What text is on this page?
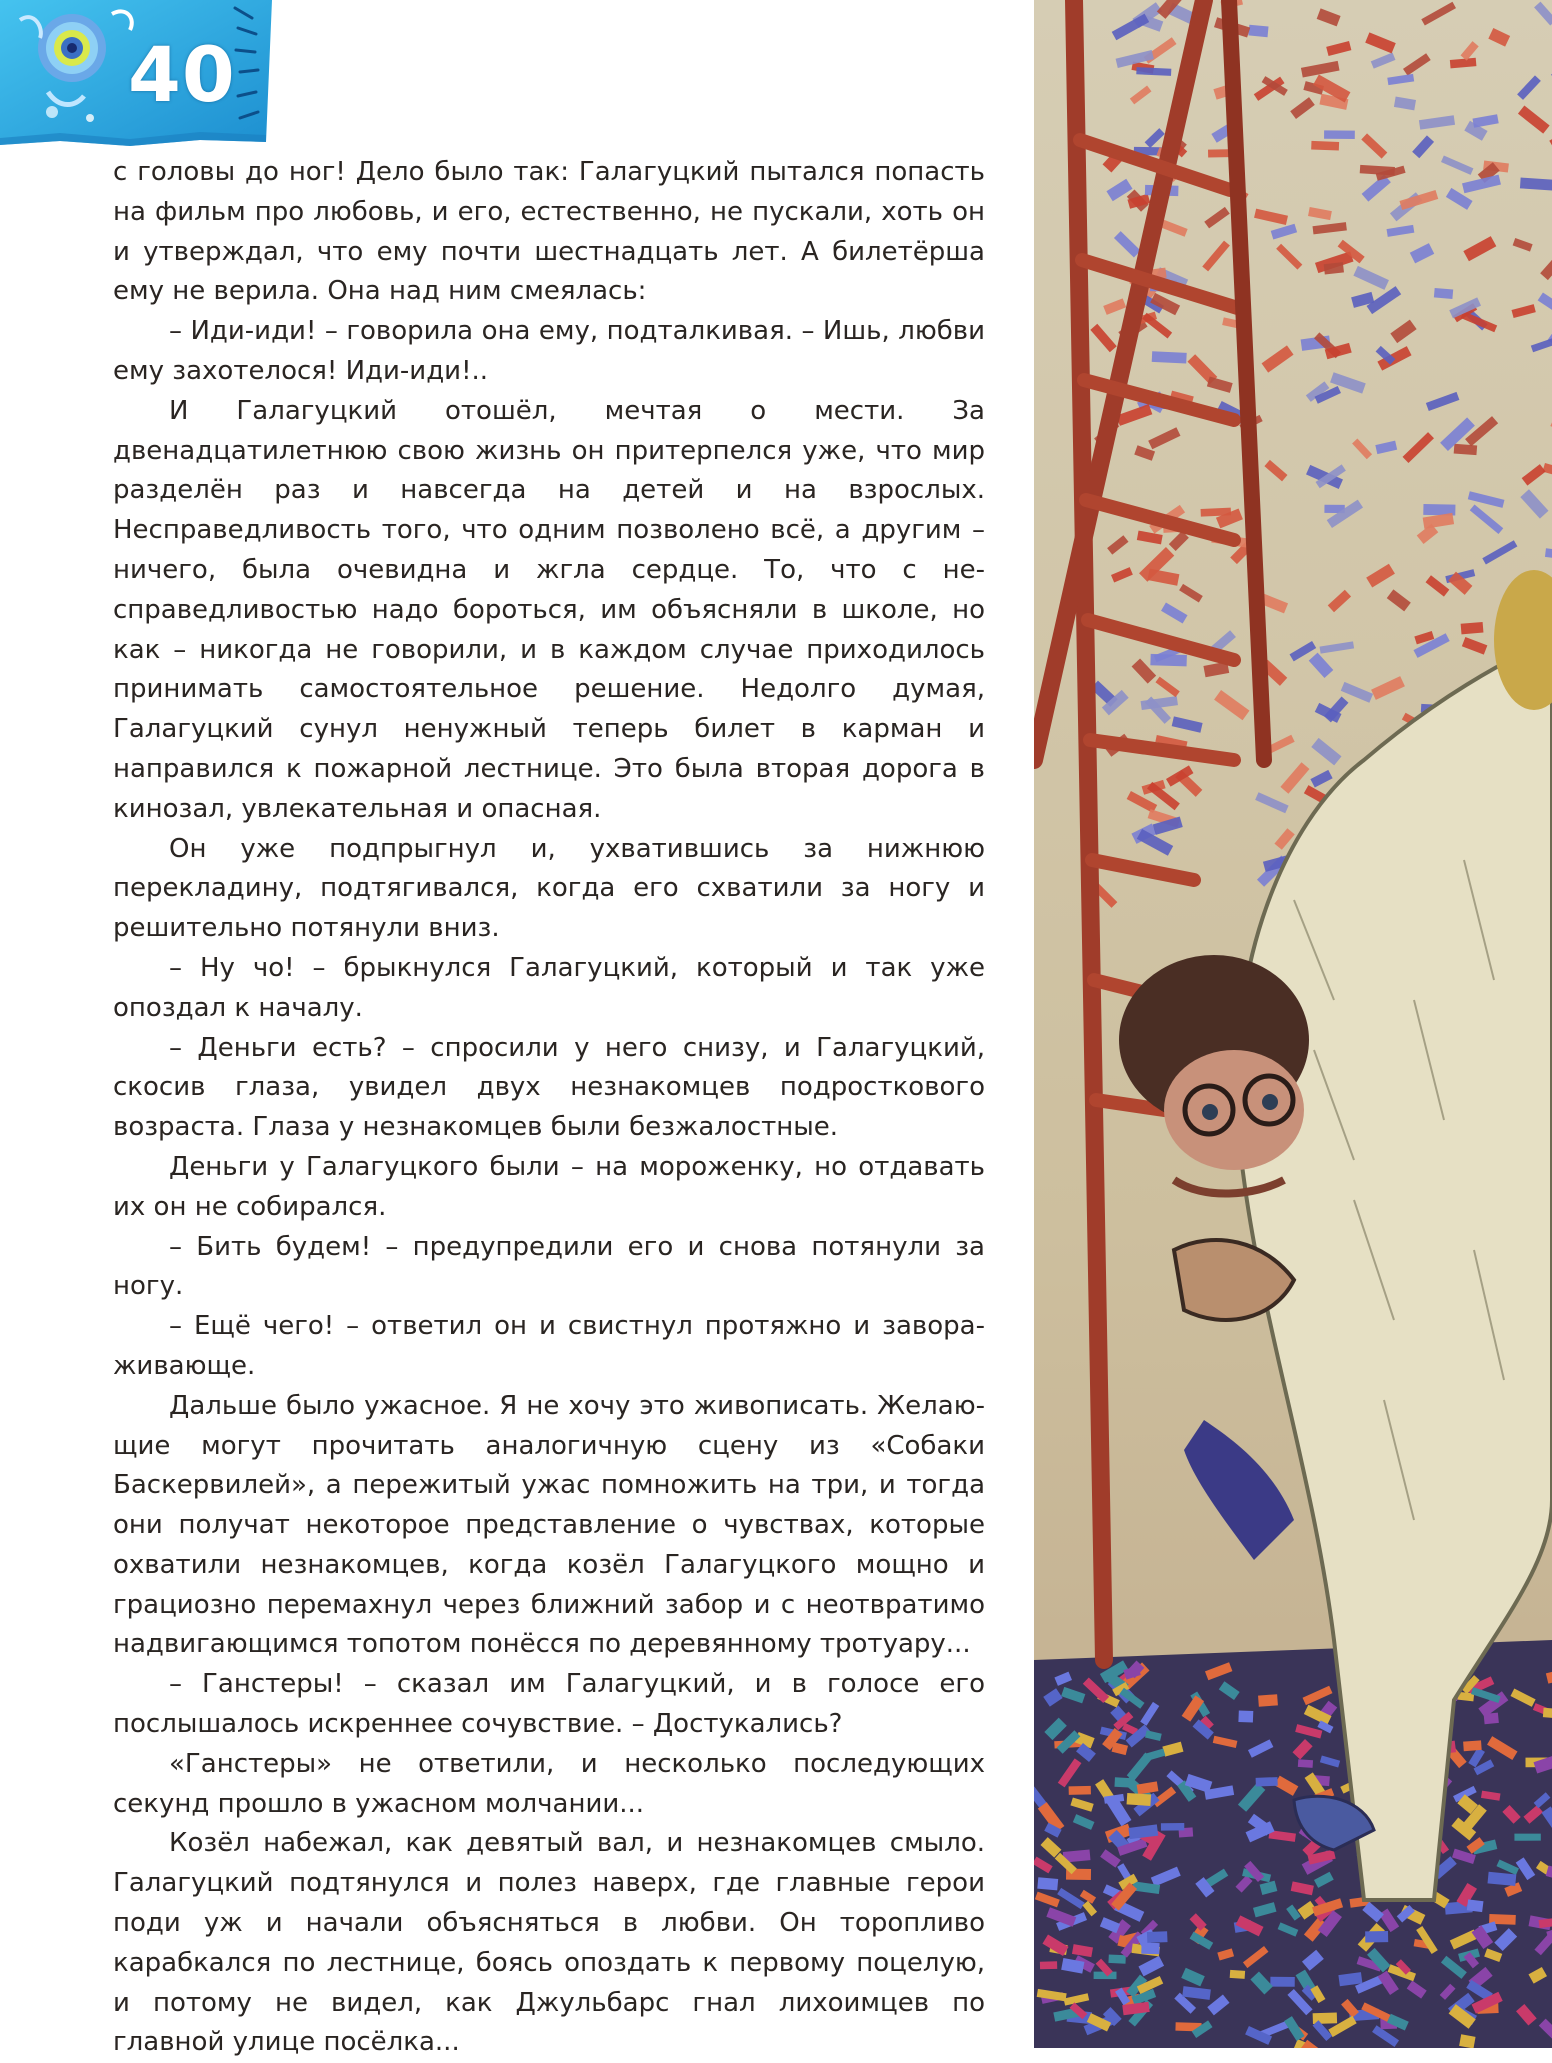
40

с головы до ног! Дело было так: Галагуцкий пытался попасть на фильм про любовь, и его, естественно, не пускали, хоть он и утверждал, что ему почти шестнадцать лет. А билетёрша ему не верила. Она над ним смеялась:

– Иди-иди! – говорила она ему, подталкивая. – Ишь, любви ему захотелося! Иди-иди!..

И Галагуцкий отошёл, мечтая о мести. За двенадцатилетнюю свою жизнь он притерпелся уже, что мир разделён раз и навсегда на детей и на взрослых. Несправедливость того, что одним позволено всё, а другим – ничего, была очевидна и жгла сердце. То, что с несправедливостью надо бороться, им объясняли в школе, но как – никогда не говорили, и в каждом случае приходилось принимать самостоятельное решение. Недолго думая, Галагуцкий сунул ненужный теперь билет в карман и направился к пожарной лестнице. Это была вторая дорога в кинозал, увлекательная и опасная.

Он уже подпрыгнул и, ухватившись за нижнюю перекладину, подтягивался, когда его схватили за ногу и решительно потянули вниз.

– Ну чо! – брыкнулся Галагуцкий, который и так уже опоздал к началу.

– Деньги есть? – спросили у него снизу, и Галагуцкий, скосив глаза, увидел двух незнакомцев подросткового возраста. Глаза у незнакомцев были безжалостные.

Деньги у Галагуцкого были – на мороженку, но отдавать их он не собирался.

– Бить будем! – предупредили его и снова потянули за ногу.

– Ещё чего! – ответил он и свистнул протяжно и завораживающе.

Дальше было ужасное. Я не хочу это живописать. Желающие могут прочитать аналогичную сцену из «Собаки Баскервилей», а пережитый ужас помножить на три, и тогда они получат некоторое представление о чувствах, которые охватили незнакомцев, когда козёл Галагуцкого мощно и грациозно перемахнул через ближний забор и с неотвратимо надвигающимся топотом понёсся по деревянному тротуару...

– Ганстеры! – сказал им Галагуцкий, и в голосе его послышалось искреннее сочувствие. – Достукались?

«Ганстеры» не ответили, и несколько последующих секунд прошло в ужасном молчании...

Козёл набежал, как девятый вал, и незнакомцев смыло. Галагуцкий подтянулся и полез наверх, где главные герои поди уж и начали объясняться в любви. Он торопливо карабкался по лестнице, боясь опоздать к первому поцелую, и потому не видел, как Джульбарс гнал лихоимцев по главной улице посёлка...
